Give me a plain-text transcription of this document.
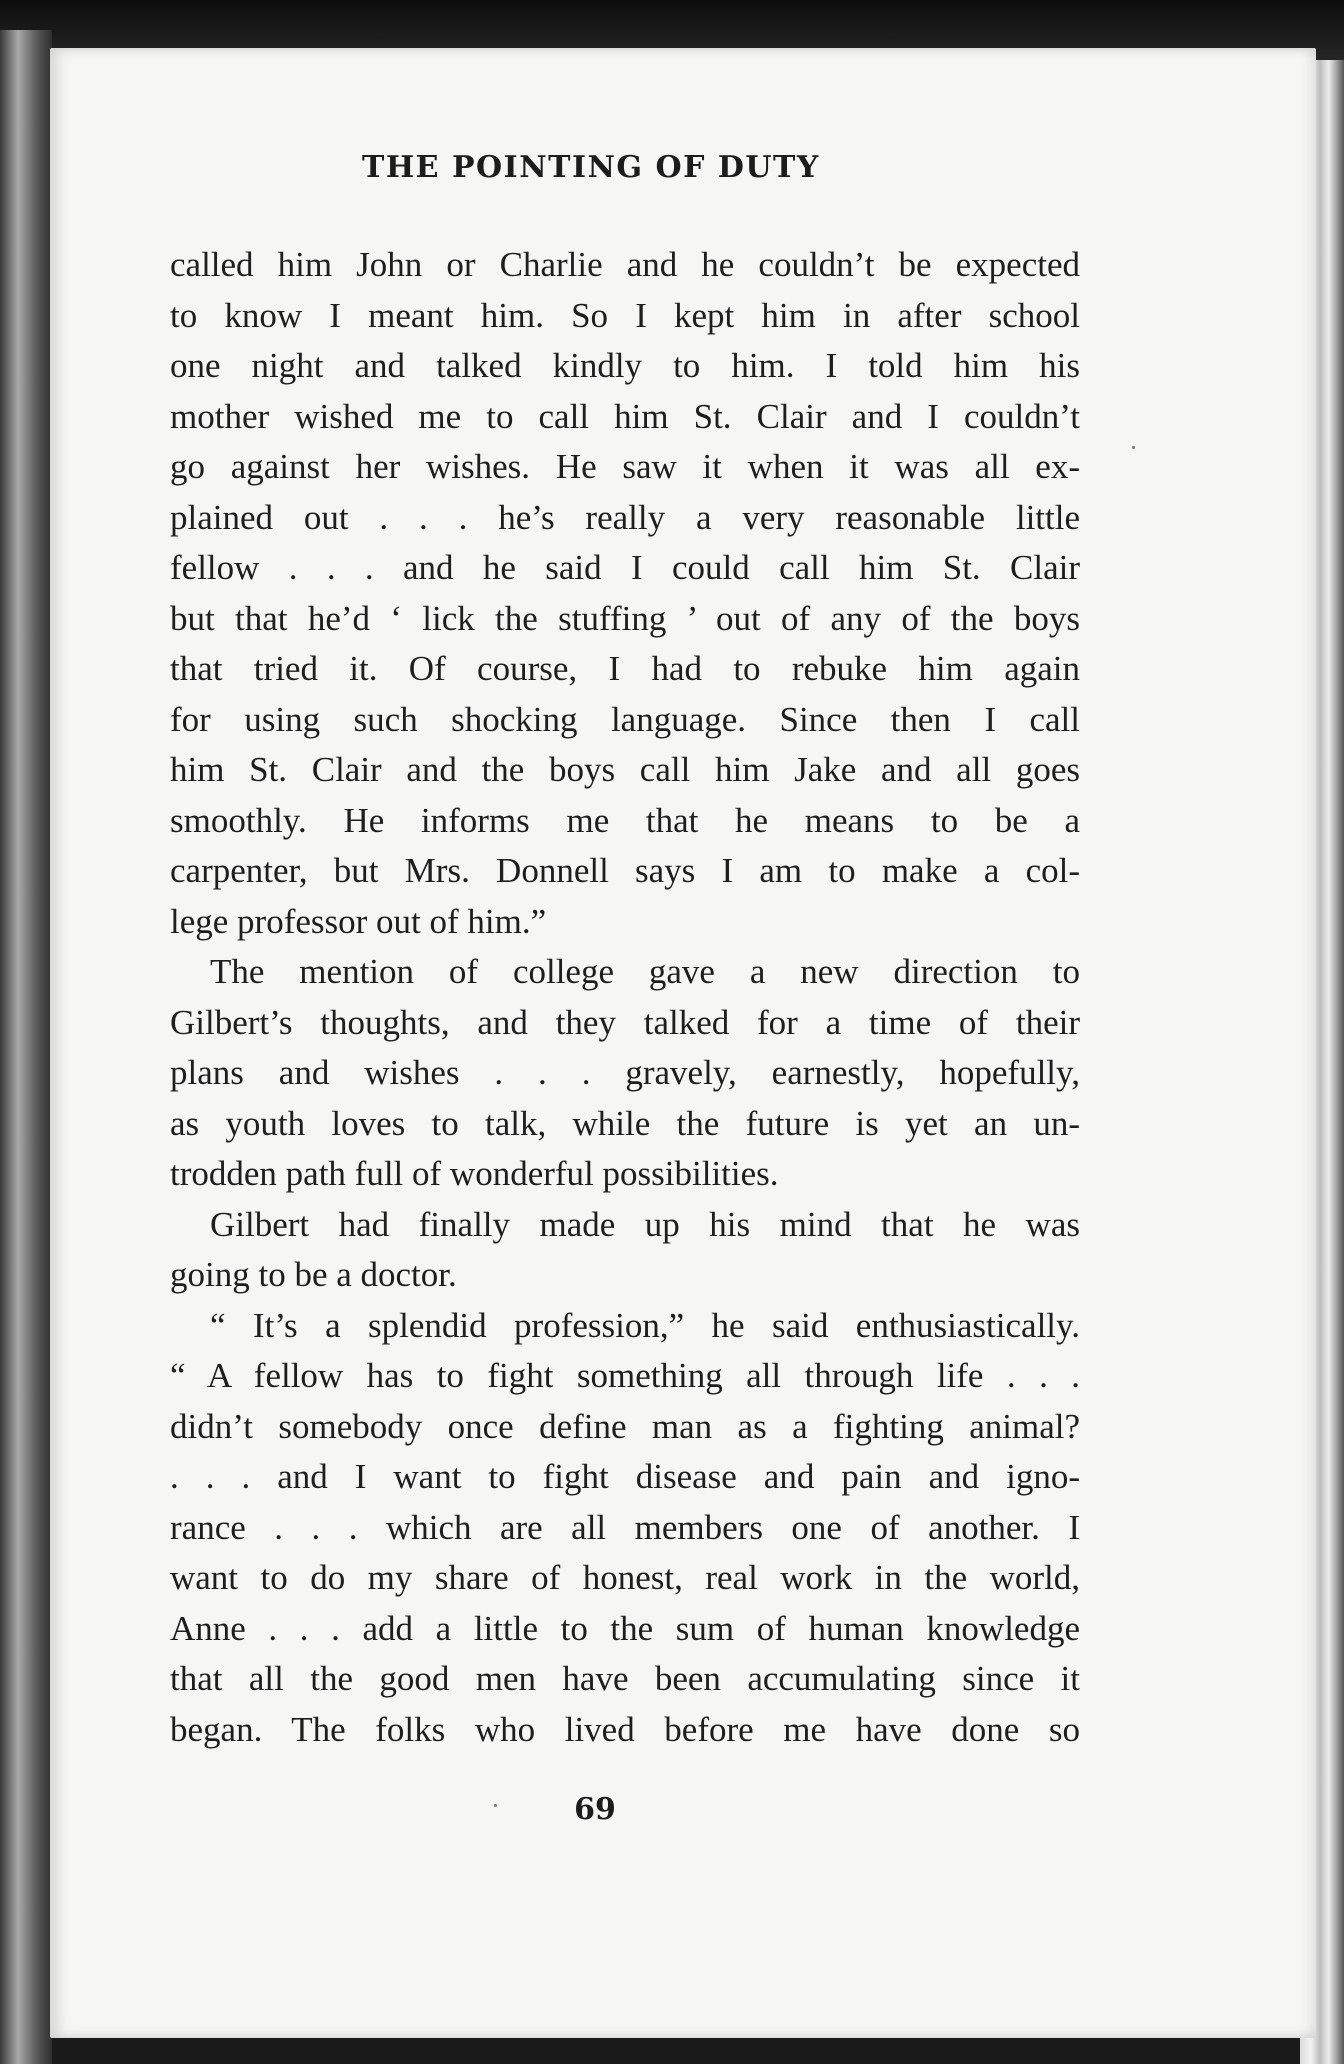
THE POINTING OF DUTY
called him John or Charlie and he couldn’t be expected
to know I meant him. So I kept him in after school
one night and talked kindly to him. I told him his
mother wished me to call him St. Clair and I couldn’t
go against her wishes. He saw it when it was all ex-
plained out . . . he’s really a very reasonable little
fellow . . . and he said I could call him St. Clair
but that he’d ‘ lick the stuffing ’ out of any of the boys
that tried it. Of course, I had to rebuke him again
for using such shocking language. Since then I call
him St. Clair and the boys call him Jake and all goes
smoothly. He informs me that he means to be a
carpenter, but Mrs. Donnell says I am to make a col-
lege professor out of him.”
The mention of college gave a new direction to
Gilbert’s thoughts, and they talked for a time of their
plans and wishes . . . gravely, earnestly, hopefully,
as youth loves to talk, while the future is yet an un-
trodden path full of wonderful possibilities.
Gilbert had finally made up his mind that he was
going to be a doctor.
“ It’s a splendid profession,” he said enthusiastically.
“ A fellow has to fight something all through life . . .
didn’t somebody once define man as a fighting animal?
. . . and I want to fight disease and pain and igno-
rance . . . which are all members one of another. I
want to do my share of honest, real work in the world,
Anne . . . add a little to the sum of human knowledge
that all the good men have been accumulating since it
began. The folks who lived before me have done so
69
